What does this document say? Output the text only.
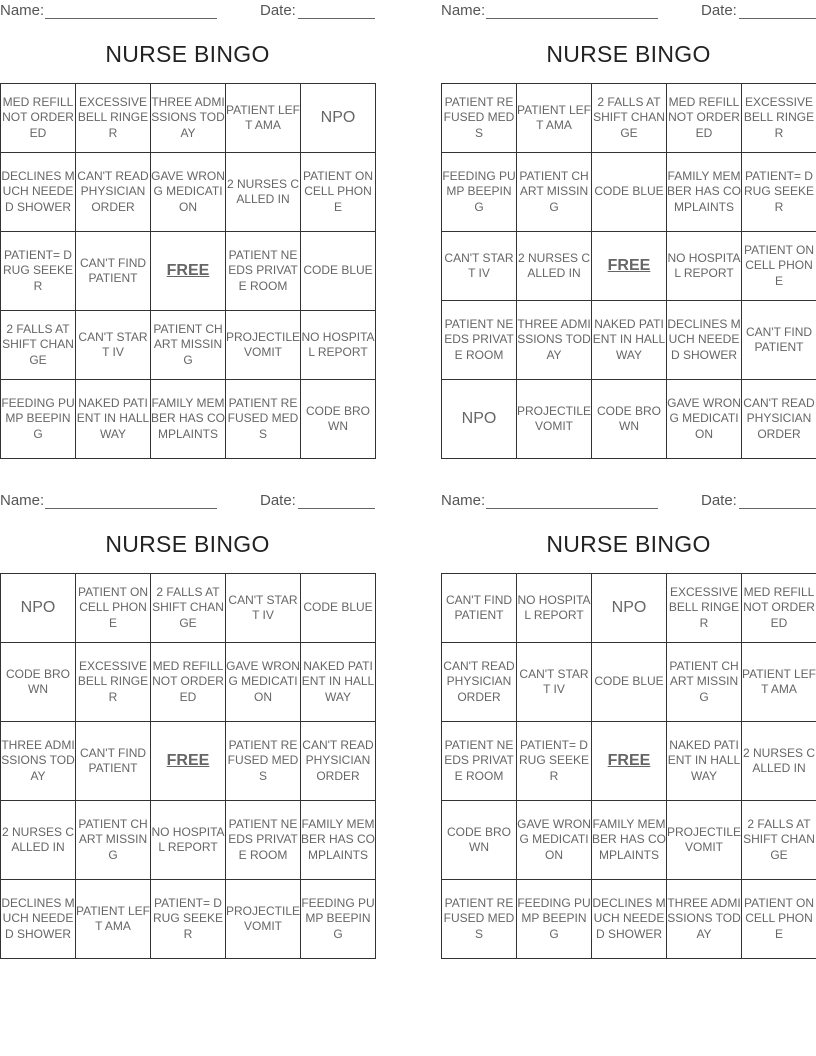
Name:	Date:
NURSE BINGO
MED REFILL NOT ORDERED	EXCESSIVE BELL RINGER	THREE ADMISSIONS TODAY	PATIENT LEFT AMA	NPO
DECLINES MUCH NEEDED SHOWER	CAN'T READ PHYSICIAN ORDER	GAVE WRONG MEDICATION	2 NURSES CALLED IN	PATIENT ON CELL PHONE
PATIENT= DRUG SEEKER	CAN'T FIND PATIENT	FREE	PATIENT NEEDS PRIVATE ROOM	CODE BLUE
2 FALLS AT SHIFT CHANGE	CAN'T START IV	PATIENT CHART MISSING	PROJECTILE VOMIT	NO HOSPITAL REPORT
FEEDING PUMP BEEPING	NAKED PATIENT IN HALLWAY	FAMILY MEMBER HAS COMPLAINTS	PATIENT REFUSED MEDS	CODE BROWN
Name:	Date:
NURSE BINGO
PATIENT REFUSED MEDS	PATIENT LEFT AMA	2 FALLS AT SHIFT CHANGE	MED REFILL NOT ORDERED	EXCESSIVE BELL RINGER
FEEDING PUMP BEEPING	PATIENT CHART MISSING	CODE BLUE	FAMILY MEMBER HAS COMPLAINTS	PATIENT= DRUG SEEKER
CAN'T START IV	2 NURSES CALLED IN	FREE	NO HOSPITAL REPORT	PATIENT ON CELL PHONE
PATIENT NEEDS PRIVATE ROOM	THREE ADMISSIONS TODAY	NAKED PATIENT IN HALLWAY	DECLINES MUCH NEEDED SHOWER	CAN'T FIND PATIENT
NPO	PROJECTILE VOMIT	CODE BROWN	GAVE WRONG MEDICATION	CAN'T READ PHYSICIAN ORDER
Name:	Date:
NURSE BINGO
NPO	PATIENT ON CELL PHONE	2 FALLS AT SHIFT CHANGE	CAN'T START IV	CODE BLUE
CODE BROWN	EXCESSIVE BELL RINGER	MED REFILL NOT ORDERED	GAVE WRONG MEDICATION	NAKED PATIENT IN HALLWAY
THREE ADMISSIONS TODAY	CAN'T FIND PATIENT	FREE	PATIENT REFUSED MEDS	CAN'T READ PHYSICIAN ORDER
2 NURSES CALLED IN	PATIENT CHART MISSING	NO HOSPITAL REPORT	PATIENT NEEDS PRIVATE ROOM	FAMILY MEMBER HAS COMPLAINTS
DECLINES MUCH NEEDED SHOWER	PATIENT LEFT AMA	PATIENT= DRUG SEEKER	PROJECTILE VOMIT	FEEDING PUMP BEEPING
Name:	Date:
NURSE BINGO
CAN'T FIND PATIENT	NO HOSPITAL REPORT	NPO	EXCESSIVE BELL RINGER	MED REFILL NOT ORDERED
CAN'T READ PHYSICIAN ORDER	CAN'T START IV	CODE BLUE	PATIENT CHART MISSING	PATIENT LEFT AMA
PATIENT NEEDS PRIVATE ROOM	PATIENT= DRUG SEEKER	FREE	NAKED PATIENT IN HALLWAY	2 NURSES CALLED IN
CODE BROWN	GAVE WRONG MEDICATION	FAMILY MEMBER HAS COMPLAINTS	PROJECTILE VOMIT	2 FALLS AT SHIFT CHANGE
PATIENT REFUSED MEDS	FEEDING PUMP BEEPING	DECLINES MUCH NEEDED SHOWER	THREE ADMISSIONS TODAY	PATIENT ON CELL PHONE
